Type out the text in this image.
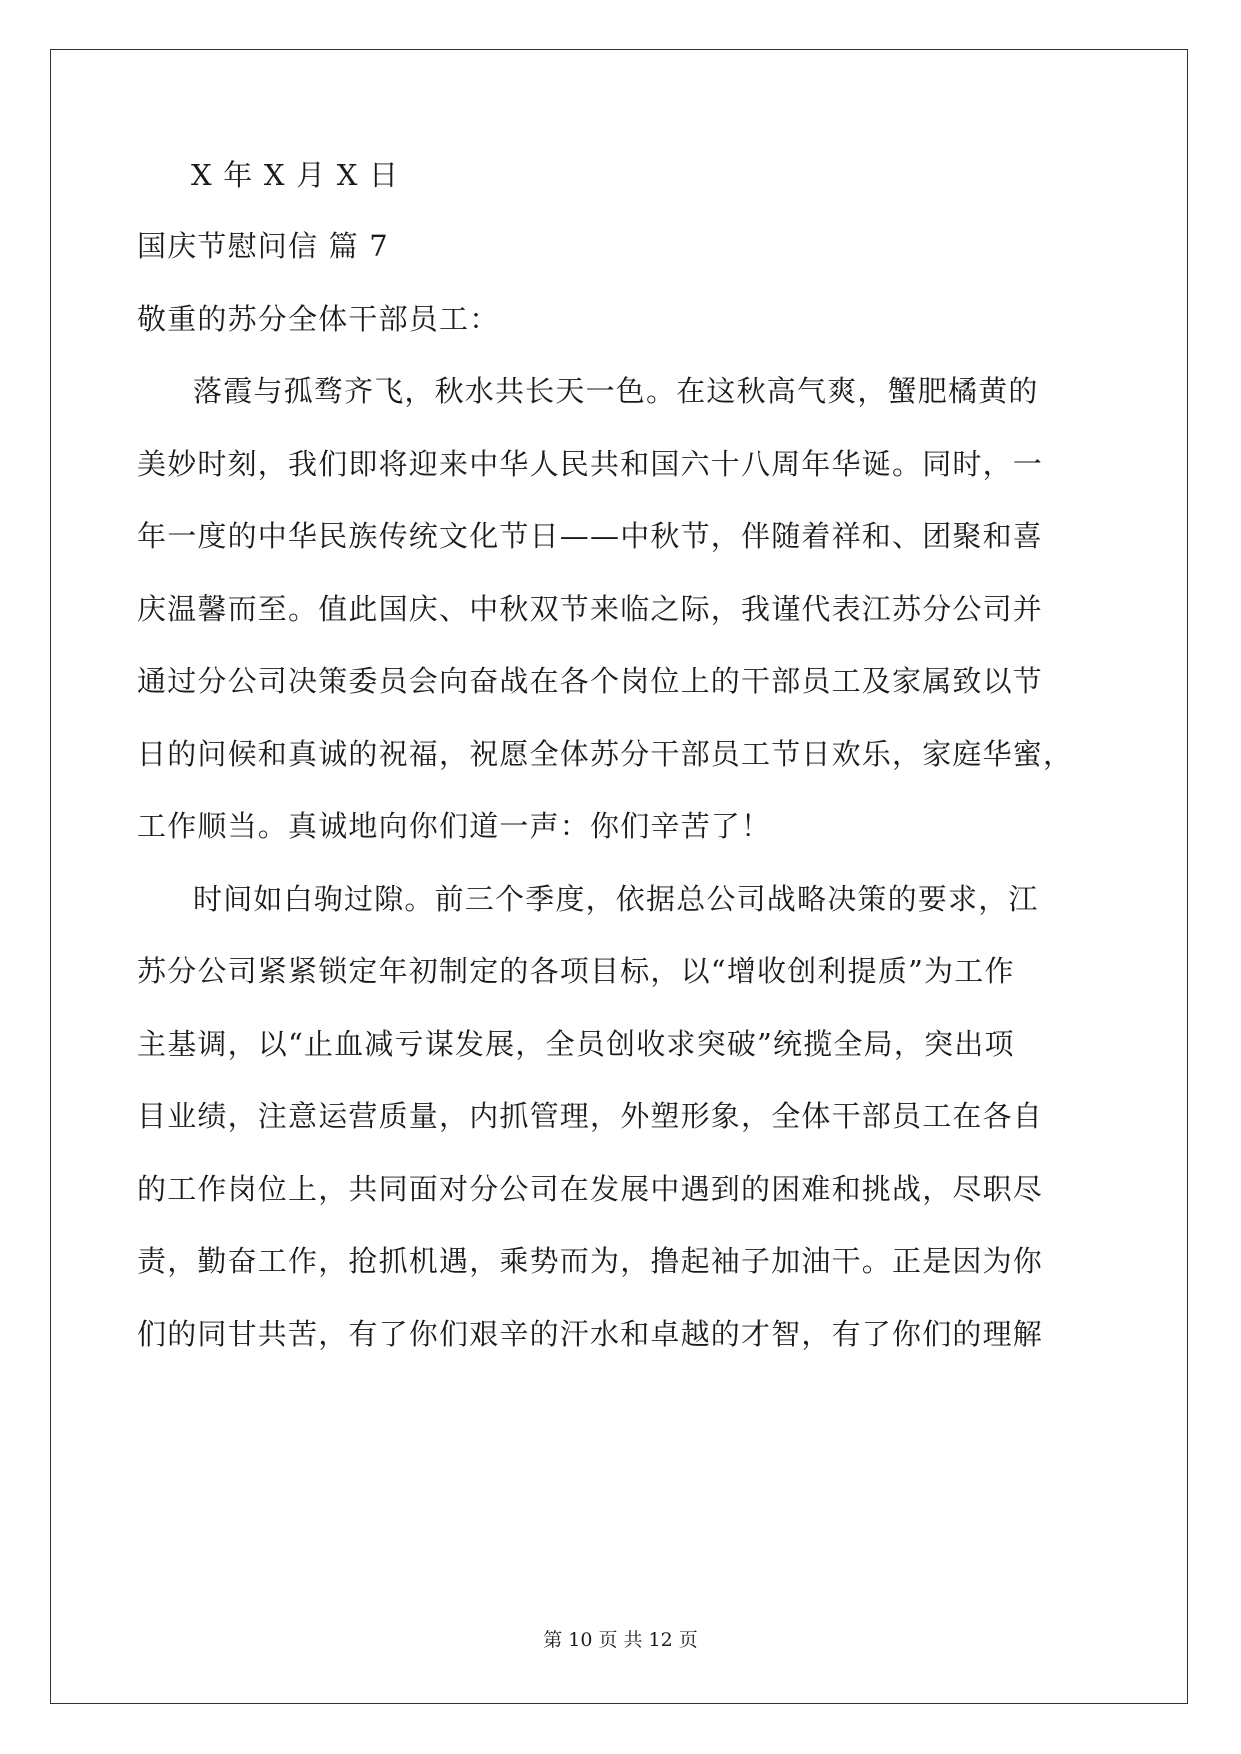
X 年 X 月 X 日
国庆节慰问信 篇 7
敬重的苏分全体干部员工：
落霞与孤骛齐飞，秋水共长天一色。在这秋高气爽，蟹肥橘黄的
美妙时刻，我们即将迎来中华人民共和国六十八周年华诞。同时，一
年一度的中华民族传统文化节日——中秋节，伴随着祥和、团聚和喜
庆温馨而至。值此国庆、中秋双节来临之际，我谨代表江苏分公司并
通过分公司决策委员会向奋战在各个岗位上的干部员工及家属致以节
日的问候和真诚的祝福，祝愿全体苏分干部员工节日欢乐，家庭华蜜，
工作顺当。真诚地向你们道一声：你们辛苦了！
时间如白驹过隙。前三个季度，依据总公司战略决策的要求，江
苏分公司紧紧锁定年初制定的各项目标，以“增收创利提质”为工作
主基调，以“止血减亏谋发展，全员创收求突破”统揽全局，突出项
目业绩，注意运营质量，内抓管理，外塑形象，全体干部员工在各自
的工作岗位上，共同面对分公司在发展中遇到的困难和挑战，尽职尽
责，勤奋工作，抢抓机遇，乘势而为，撸起袖子加油干。正是因为你
们的同甘共苦，有了你们艰辛的汗水和卓越的才智，有了你们的理解
第 10 页 共 12 页
